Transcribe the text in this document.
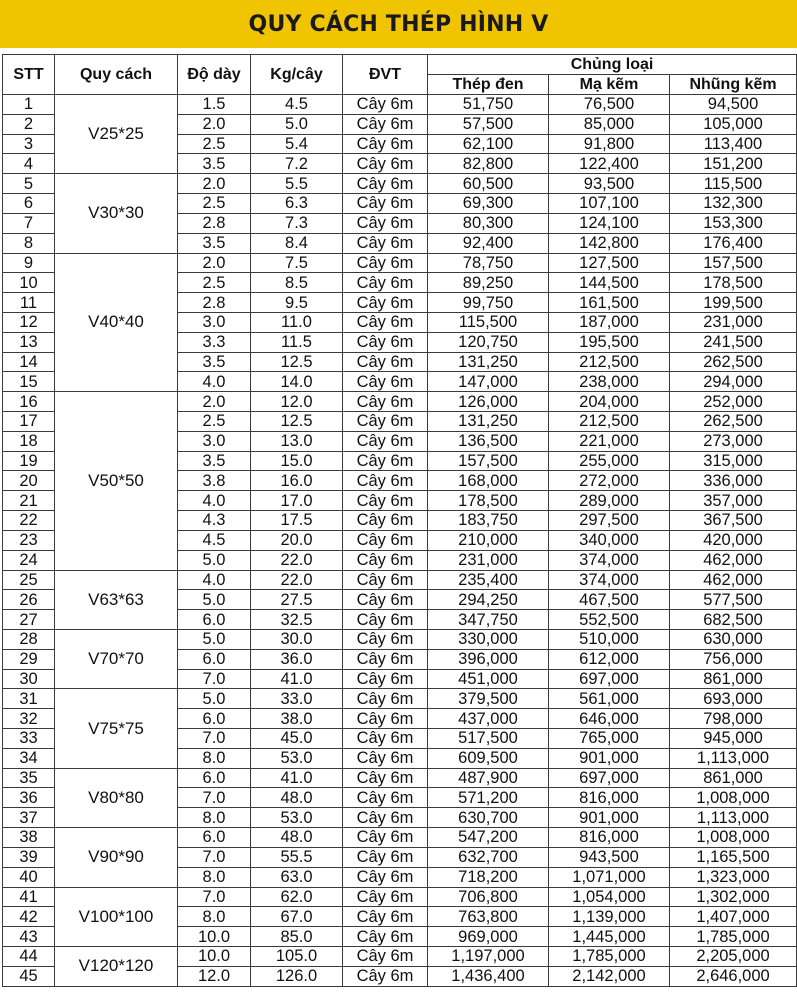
QUY CÁCH THÉP HÌNH V
STT	Quy cách	Độ dày	Kg/cây	ĐVT	Chủng loại		
					Thép đen	Mạ kẽm	Nhũng kẽm
1	V25*25	1.5	4.5	Cây 6m	51,750	76,500	94,500
2		2.0	5.0	Cây 6m	57,500	85,000	105,000
3		2.5	5.4	Cây 6m	62,100	91,800	113,400
4		3.5	7.2	Cây 6m	82,800	122,400	151,200
5	V30*30	2.0	5.5	Cây 6m	60,500	93,500	115,500
6		2.5	6.3	Cây 6m	69,300	107,100	132,300
7		2.8	7.3	Cây 6m	80,300	124,100	153,300
8		3.5	8.4	Cây 6m	92,400	142,800	176,400
9	V40*40	2.0	7.5	Cây 6m	78,750	127,500	157,500
10		2.5	8.5	Cây 6m	89,250	144,500	178,500
11		2.8	9.5	Cây 6m	99,750	161,500	199,500
12		3.0	11.0	Cây 6m	115,500	187,000	231,000
13		3.3	11.5	Cây 6m	120,750	195,500	241,500
14		3.5	12.5	Cây 6m	131,250	212,500	262,500
15		4.0	14.0	Cây 6m	147,000	238,000	294,000
16	V50*50	2.0	12.0	Cây 6m	126,000	204,000	252,000
17		2.5	12.5	Cây 6m	131,250	212,500	262,500
18		3.0	13.0	Cây 6m	136,500	221,000	273,000
19		3.5	15.0	Cây 6m	157,500	255,000	315,000
20		3.8	16.0	Cây 6m	168,000	272,000	336,000
21		4.0	17.0	Cây 6m	178,500	289,000	357,000
22		4.3	17.5	Cây 6m	183,750	297,500	367,500
23		4.5	20.0	Cây 6m	210,000	340,000	420,000
24		5.0	22.0	Cây 6m	231,000	374,000	462,000
25	V63*63	4.0	22.0	Cây 6m	235,400	374,000	462,000
26		5.0	27.5	Cây 6m	294,250	467,500	577,500
27		6.0	32.5	Cây 6m	347,750	552,500	682,500
28	V70*70	5.0	30.0	Cây 6m	330,000	510,000	630,000
29		6.0	36.0	Cây 6m	396,000	612,000	756,000
30		7.0	41.0	Cây 6m	451,000	697,000	861,000
31	V75*75	5.0	33.0	Cây 6m	379,500	561,000	693,000
32		6.0	38.0	Cây 6m	437,000	646,000	798,000
33		7.0	45.0	Cây 6m	517,500	765,000	945,000
34		8.0	53.0	Cây 6m	609,500	901,000	1,113,000
35	V80*80	6.0	41.0	Cây 6m	487,900	697,000	861,000
36		7.0	48.0	Cây 6m	571,200	816,000	1,008,000
37		8.0	53.0	Cây 6m	630,700	901,000	1,113,000
38	V90*90	6.0	48.0	Cây 6m	547,200	816,000	1,008,000
39		7.0	55.5	Cây 6m	632,700	943,500	1,165,500
40		8.0	63.0	Cây 6m	718,200	1,071,000	1,323,000
41	V100*100	7.0	62.0	Cây 6m	706,800	1,054,000	1,302,000
42		8.0	67.0	Cây 6m	763,800	1,139,000	1,407,000
43		10.0	85.0	Cây 6m	969,000	1,445,000	1,785,000
44	V120*120	10.0	105.0	Cây 6m	1,197,000	1,785,000	2,205,000
45		12.0	126.0	Cây 6m	1,436,400	2,142,000	2,646,000
